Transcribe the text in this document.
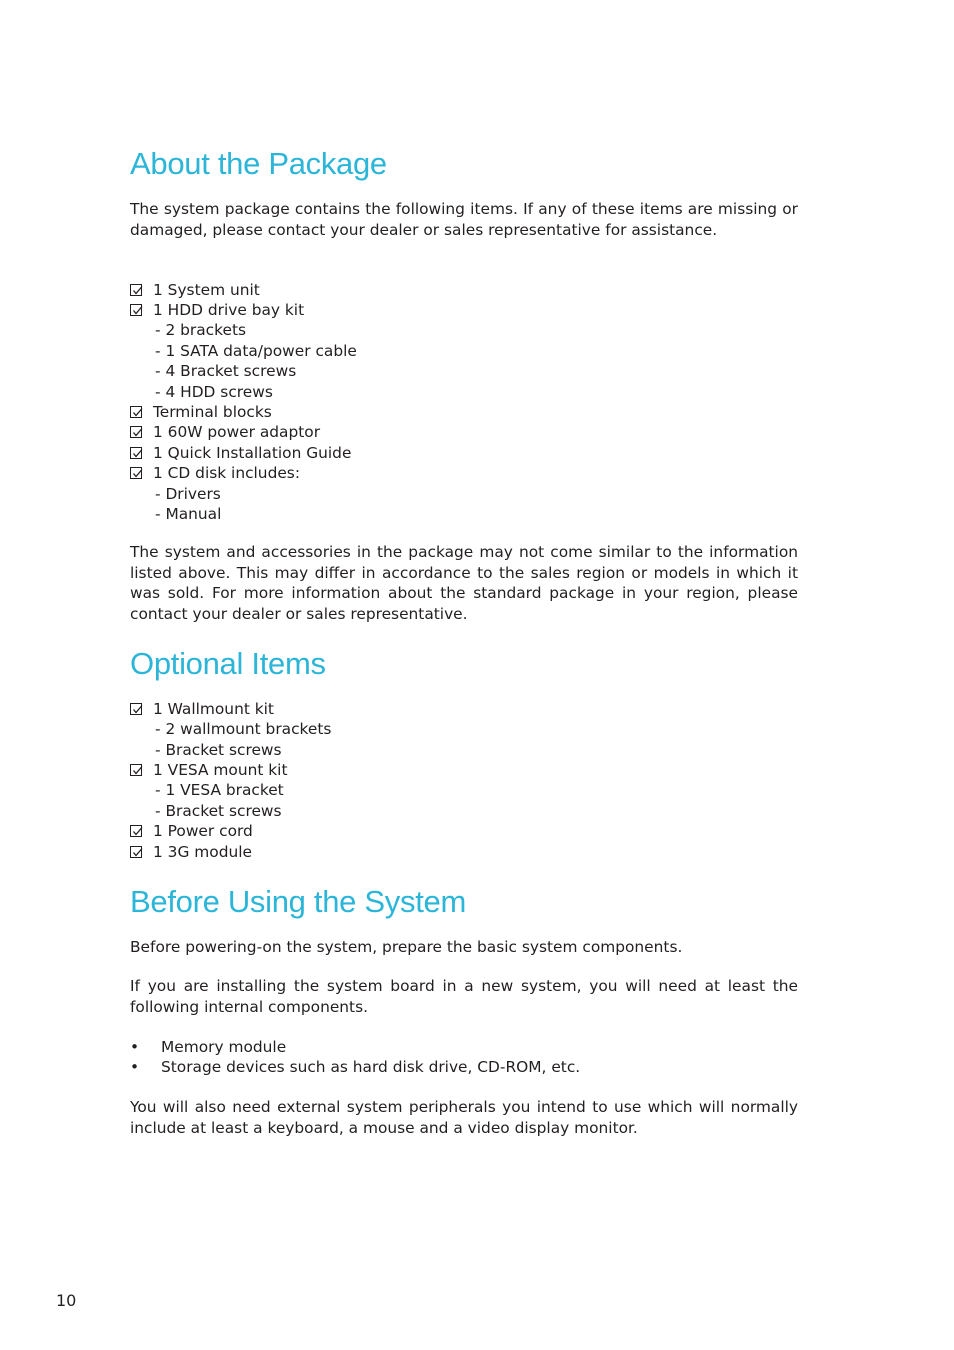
About the Package

The system package contains the following items. If any of these items are missing or damaged, please contact your dealer or sales representative for assistance.

1 System unit
1 HDD drive bay kit
- 2 brackets
- 1 SATA data/power cable
- 4 Bracket screws
- 4 HDD screws
Terminal blocks
1 60W power adaptor
1 Quick Installation Guide
1 CD disk includes:
- Drivers
- Manual

The system and accessories in the package may not come similar to the information listed above. This may differ in accordance to the sales region or models in which it was sold. For more information about the standard package in your region, please contact your dealer or sales representative.

Optional Items
1 Wallmount kit
- 2 wallmount brackets
- Bracket screws
1 VESA mount kit
- 1 VESA bracket
- Bracket screws
1 Power cord
1 3G module
Before Using the System

Before powering-on the system, prepare the basic system components.

If you are installing the system board in a new system, you will need at least the following internal components.

• Memory module
• Storage devices such as hard disk drive, CD-ROM, etc.

You will also need external system peripherals you intend to use which will normally include at least a keyboard, a mouse and a video display monitor.

10
